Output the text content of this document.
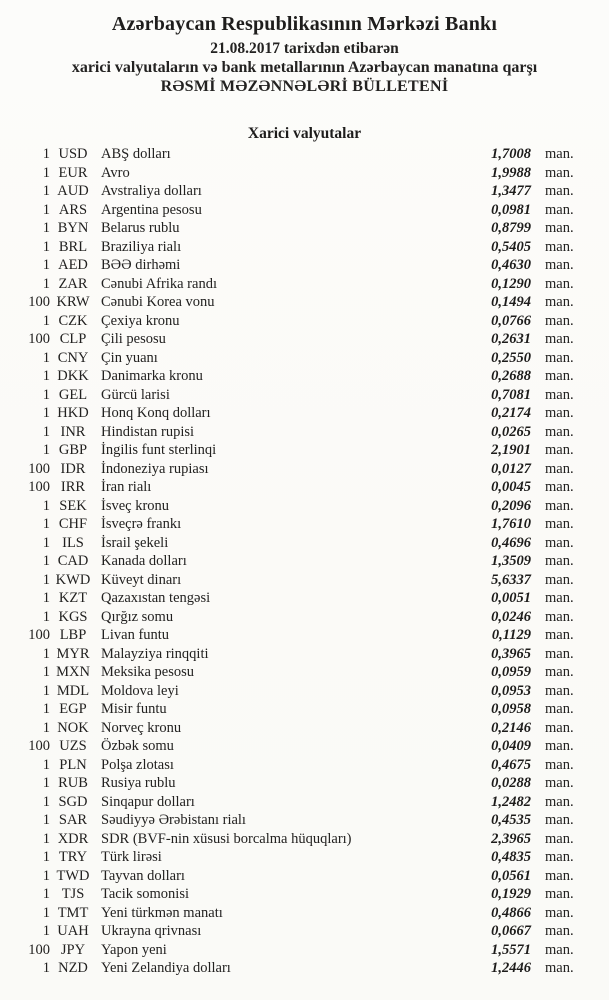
Azərbaycan Respublikasının Mərkəzi Bankı
21.08.2017 tarixdən etibarən
xarici valyutaların və bank metallarının Azərbaycan manatına qarşı
RƏSMİ MƏZƏNNƏLƏRİ BÜLLETENİ
Xarici valyutalar
1 USD ABŞ dolları	1,7008 man.
1 EUR Avro	1,9988 man.
1 AUD Avstraliya dolları	1,3477 man.
1 ARS Argentina pesosu	0,0981 man.
1 BYN Belarus rublu	0,8799 man.
1 BRL Braziliya rialı	0,5405 man.
1 AED BƏƏ dirhəmi	0,4630 man.
1 ZAR Cənubi Afrika randı	0,1290 man.
100 KRW Cənubi Korea vonu	0,1494 man.
1 CZK Çexiya kronu	0,0766 man.
100 CLP	Çili pesosu	0,2631 man.
1 CNY Çin yuanı	0,2550 man.
1 DKK Danimarka kronu	0,2688 man.
1 GEL Gürcü larisi	0,7081 man.
1 HKD Honq Konq dolları	0,2174 man.
1 INR	Hindistan rupisi	0,0265 man.
1 GBP İngilis funt sterlinqi	2,1901 man.
100 IDR	İndoneziya rupiası	0,0127 man.
100 IRR	İran rialı	0,0045 man.
1 SEK İsveç kronu	0,2096 man.
1 CHF İsveçrə frankı	1,7610 man.
1 ILS	İsrail şekeli	0,4696 man.
1 CAD Kanada dolları	1,3509 man.
1 KWD Küveyt dinarı	5,6337 man.
1 KZT Qazaxıstan tengəsi	0,0051 man.
1 KGS Qırğız somu	0,0246 man.
100 LBP	Livan funtu	0,1129 man.
1 MYR Malayziya rinqqiti	0,3965 man.
1 MXN Meksika pesosu	0,0959 man.
1 MDL Moldova leyi	0,0953 man.
1 EGP Misir funtu	0,0958 man.
1 NOK Norveç kronu	0,2146 man.
100 UZS Özbək somu	0,0409 man.
1 PLN Polşa zlotası	0,4675 man.
1 RUB Rusiya rublu	0,0288 man.
1 SGD Sinqapur dolları	1,2482 man.
1 SAR Səudiyyə Ərəbistanı rialı	0,4535 man.
1 XDR SDR (BVF-nin xüsusi borcalma hüquqları)	2,3965 man.
1 TRY Türk lirəsi	0,4835 man.
1 TWD Tayvan dolları	0,0561 man.
1 TJS	Tacik somonisi	0,1929 man.
1 TMT Yeni türkmən manatı	0,4866 man.
1 UAH Ukrayna qrivnası	0,0667 man.
100 JPY	Yapon yeni	1,5571 man.
1 NZD Yeni Zelandiya dolları	1,2446 man.
